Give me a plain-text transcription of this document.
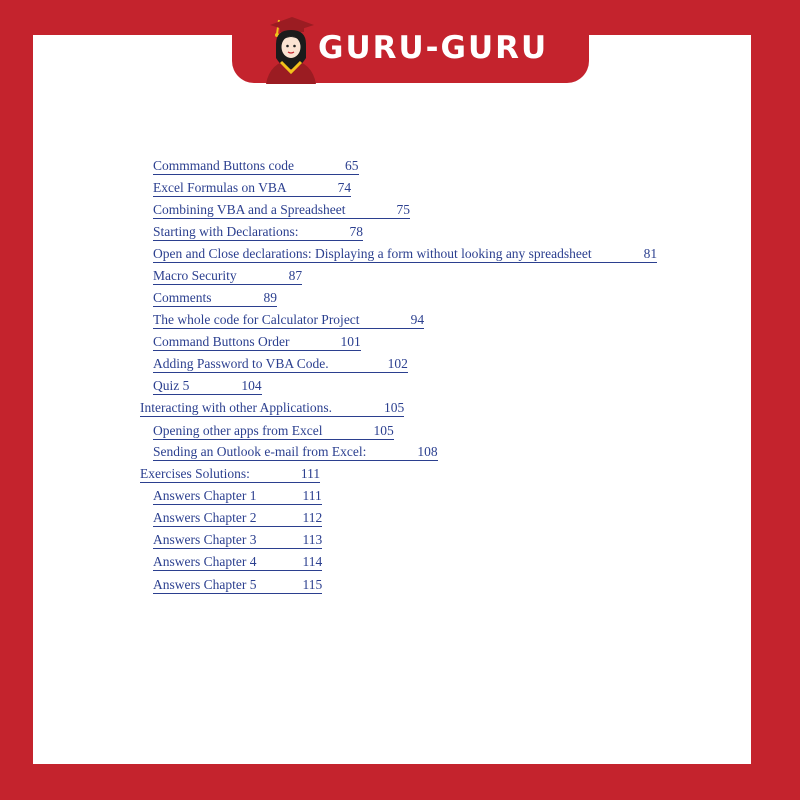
GURU-GURU
Commmand Buttons code	65
Excel Formulas on VBA	74
Combining VBA and a Spreadsheet	75
Starting with Declarations:	78
Open and Close declarations: Displaying a form without looking any spreadsheet	81
Macro Security	87
Comments	89
The whole code for Calculator Project	94
Command Buttons Order	101
Adding Password to VBA Code.	102
Quiz 5	104
Interacting with other Applications.	105
Opening other apps from Excel	105
Sending an Outlook e-mail from Excel:	108
Exercises Solutions:	111
Answers Chapter 1	111
Answers Chapter 2	112
Answers Chapter 3	113
Answers Chapter 4	114
Answers Chapter 5	115
